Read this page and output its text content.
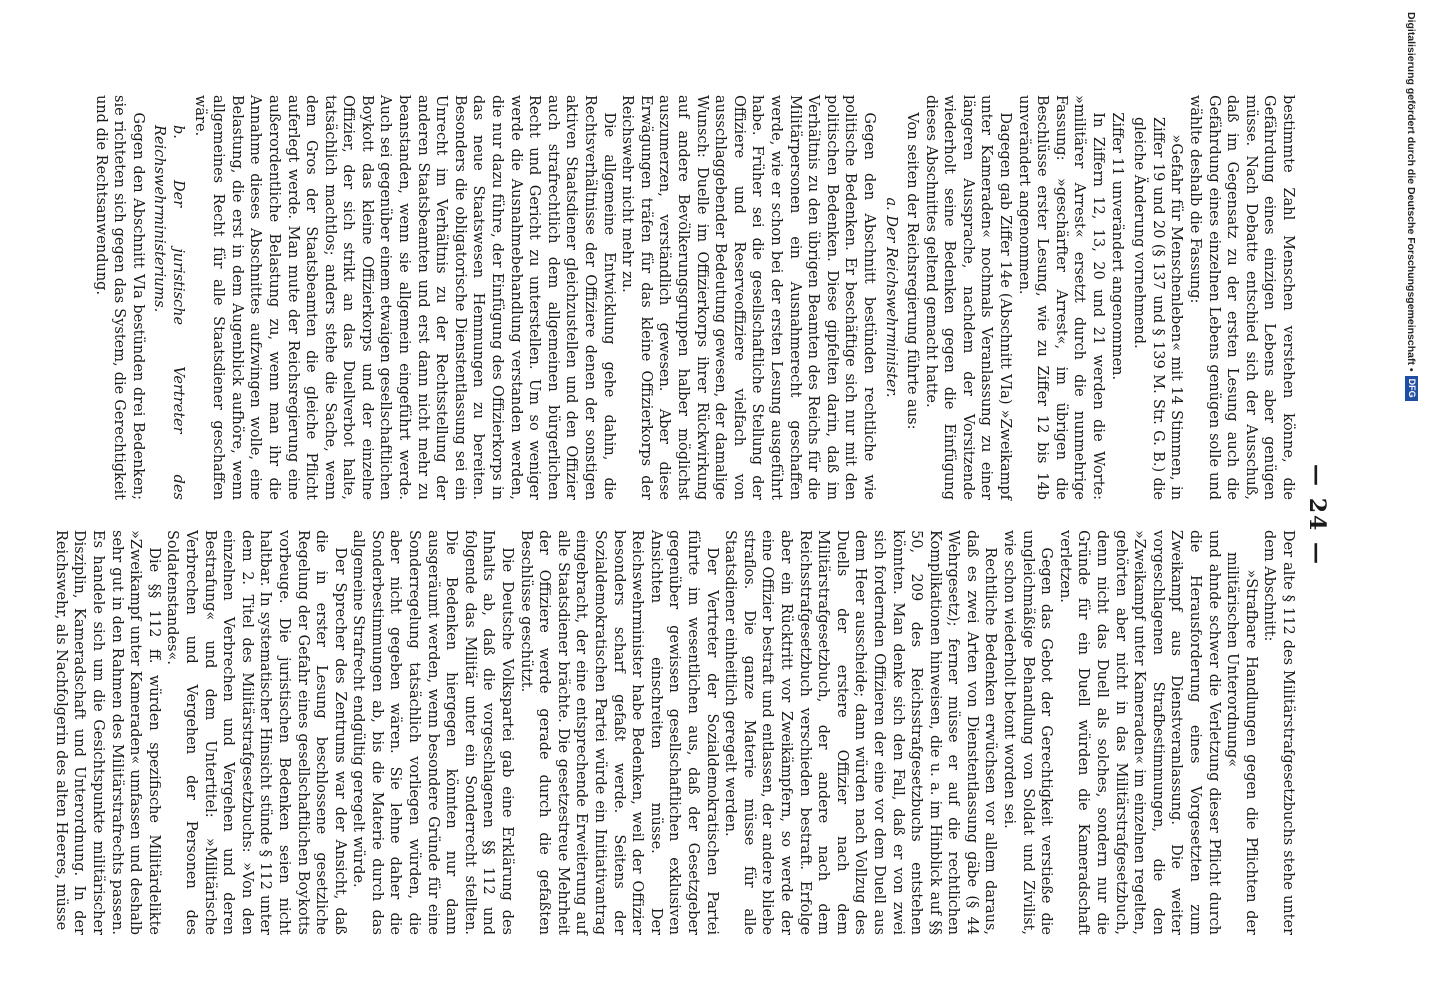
— 24 —

bestimmte Zahl Menschen verstehen könne, die Gefährdung eines einzigen Lebens aber genügen müsse. Nach Debatte entschied sich der Ausschuß, daß im Gegensatz zu der ersten Lesung auch die Gefährdung eines einzelnen Lebens genügen solle und wählte deshalb die Fassung:

»Gefahr für Menschenleben« mit 14 Stimmen, in Ziffer 19 und 20 (§ 137 und § 139 M. Str. G. B.) die gleiche Änderung vornehmend.

Ziffer 11 unverändert angenommen.

In Ziffern 12, 13, 20 und 21 werden die Worte: »militärer Arrest« ersetzt durch die nunmehrige Fassung: »geschärfter Arrest«, im übrigen die Beschlüsse erster Lesung, wie zu Ziffer 12 bis 14b unverändert angenommen.

Dagegen gab Ziffer 14e (Abschnitt VIa) »Zweikampf unter Kameraden« nochmals Veranlassung zu einer längeren Aussprache, nachdem der Vorsitzende wiederholt seine Bedenken gegen die Einfügung dieses Abschnittes geltend gemacht hatte.

Von seiten der Reichsregierung führte aus:

a. Der Reichswehrminister.

Gegen den Abschnitt bestünden rechtliche wie politische Bedenken. Er beschäftige sich nur mit den politischen Bedenken. Diese gipfelten darin, daß im Verhältnis zu den übrigen Beamten des Reichs für die Militärpersonen ein Ausnahmerecht geschaffen werde, wie er schon bei der ersten Lesung ausgeführt habe. Früher sei die gesellschaftliche Stellung der Offiziere und Reserveoffiziere vielfach von ausschlaggebender Bedeutung gewesen, der damalige Wunsch: Duelle im Offizierkorps ihrer Rückwirkung auf andere Bevölkerungsgruppen halber möglichst auszumerzen, verständlich gewesen. Aber diese Erwägungen träfen für das kleine Offizierkorps der Reichswehr nicht mehr zu.

Die allgemeine Entwicklung gehe dahin, die Rechtsverhältnisse der Offiziere denen der sonstigen aktiven Staatsdiener gleichzustellen und den Offizier auch strafrechtlich dem allgemeinen bürgerlichen Recht und Gericht zu unterstellen. Um so weniger werde die Ausnahmebehandlung verstanden werden, die nur dazu führe, der Einfügung des Offizierkorps in das neue Staatswesen Hemmungen zu bereiten. Besonders die obligatorische Dienstentlassung sei ein Unrecht im Verhältnis zu der Rechtsstellung der anderen Staatsbeamten und erst dann nicht mehr zu beanstanden, wenn sie allgemein eingeführt werde. Auch sei gegenüber einem etwaigen gesellschaftlichen Boykott das kleine Offizierkorps und der einzelne Offizier, der sich strikt an das Duellverbot halte, tatsächlich machtlos; anders stehe die Sache, wenn dem Gros der Staatsbeamten die gleiche Pflicht auferlegt werde. Man mute der Reichsregierung eine außerordentliche Belastung zu, wenn man ihr die Annahme dieses Abschnittes aufzwingen wolle, eine Belastung, die erst in dem Augenblick aufhöre, wenn allgemeines Recht für alle Staatsdiener geschaffen wäre.

b. Der juristische Vertreter des Reichswehrministeriums.

Gegen den Abschnitt VIa bestünden drei Bedenken; sie richteten sich gegen das System, die Gerechtigkeit und die Rechtsanwendung.

Der alte § 112 des Militärstrafgesetzbuchs stehe unter dem Abschnitt:

»Strafbare Handlungen gegen die Pflichten der militärischen Unterordnung«

und ahnde schwer die Verletzung dieser Pflicht durch die Herausforderung eines Vorgesetzten zum Zweikampf aus Dienstveranlassung. Die weiter vorgeschlagenen Strafbestimmungen, die den »Zweikampf unter Kameraden« im einzelnen regelten, gehörten aber nicht in das Militärstrafgesetzbuch, denn nicht das Duell als solches, sondern nur die Gründe für ein Duell würden die Kameradschaft verletzen.

Gegen das Gebot der Gerechtigkeit verstieße die ungleichmäßige Behandlung von Soldat und Zivilist, wie schon wiederholt betont worden sei.

Rechtliche Bedenken erwüchsen vor allem daraus, daß es zwei Arten von Dienstentlassung gäbe (§ 44 Wehrgesetz); ferner müsse er auf die rechtlichen Komplikationen hinweisen, die u. a. im Hinblick auf §§ 50, 209 des Reichsstrafgesetzbuchs entstehen könnten. Man denke sich den Fall, daß er von zwei sich fordernden Offizieren der eine vor dem Duell aus dem Heer ausscheide; dann würden nach Vollzug des Duells der erstere Offizier nach dem Militärstrafgesetzbuch, der andere nach dem Reichsstrafgesetzbuch verschieden bestraft. Erfolge aber ein Rücktritt vor Zweikämpfern, so werde der eine Offizier bestraft und entlassen, der andere bliebe straflos. Die ganze Materie müsse für alle Staatsdiener einheitlich geregelt werden.

Der Vertreter der Sozialdemokratischen Partei führte im wesentlichen aus, daß der Gesetzgeber gegenüber gewissen gesellschaftlichen exklusiven Ansichten einschreiten müsse. Der Reichswehrminister habe Bedenken, weil der Offizier besonders scharf gefaßt werde. Seitens der Sozialdemokratischen Partei würde ein Initiativantrag eingebracht, der eine entsprechende Erweiterung auf alle Staatsdiener brächte. Die gesetzestreue Mehrheit der Offiziere werde gerade durch die gefaßten Beschlüsse geschützt.

Die Deutsche Volkspartei gab eine Erklärung des Inhalts ab, daß die vorgeschlagenen §§ 112 und folgende das Militär unter ein Sonderrecht stellten. Die Bedenken hiergegen könnten nur dann ausgeräumt werden, wenn besondere Gründe für eine Sonderregelung tatsächlich vorliegen würden, die aber nicht gegeben wären. Sie lehne daher die Sonderbestimmungen ab, bis die Materie durch das allgemeine Strafrecht endgültig geregelt würde.

Der Sprecher des Zentrums war der Ansicht, daß die in erster Lesung beschlossene gesetzliche Regelung der Gefahr eines gesellschaftlichen Boykotts vorbeuge. Die juristischen Bedenken seien nicht haltbar. In systematischer Hinsicht stünde § 112 unter dem 2. Titel des Militärstrafgesetzbuchs: »Von den einzelnen Verbrechen und Vergehen und deren Bestrafung« und dem Untertitel: »Militärische Verbrechen und Vergehen der Personen des Soldatenstandes«.

Die §§ 112 ff. würden spezifische Militärdelikte »Zweikampf unter Kameraden« umfassen und deshalb sehr gut in den Rahmen des Militärstrafrechts passen. Es handele sich um die Gesichtspunkte militärischer Disziplin, Kameradschaft und Unterordnung. In der Reichswehr, als Nachfolgerin des alten Heeres, müsse

Digitalisierung gefördert durch die Deutsche Forschungsgemeinschaft •
DFG
